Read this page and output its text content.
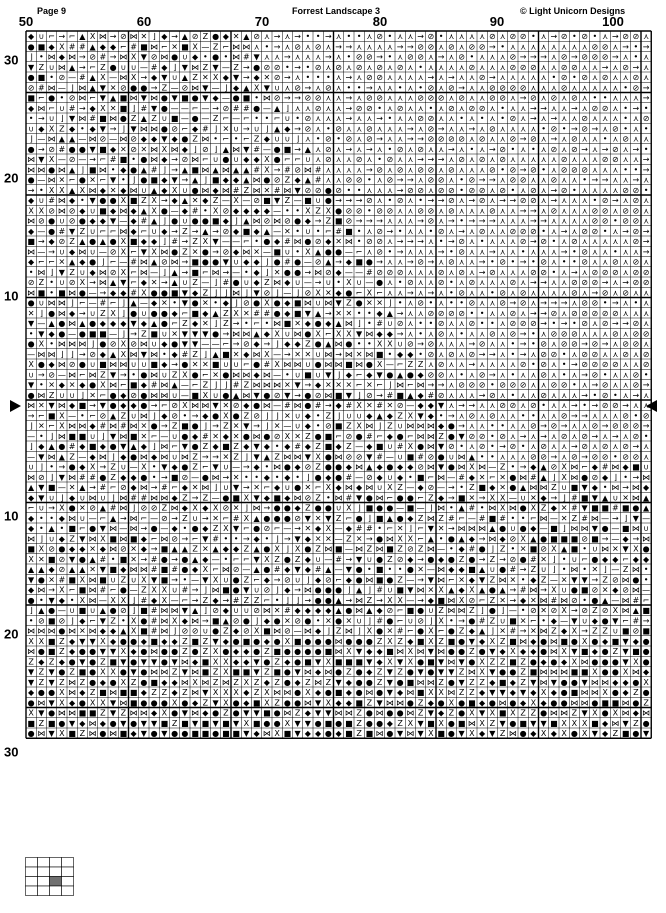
Page 9	Forrest Landscape 3	© Light Unicorn Designs
50	60	70	80	90	100
30
20
10
10
20
30
◆ ∪ ⌐ → ⌐ ▲ X ⋈ → ⊘ ⋈ ✕ ⌋ ◆ → ▲ ⊘ Z ● ◆ ✕ ▲ ⊘ ⋏ → ⋏ → • • → ⋏ • • ⋏ ⊘ • ⋏ ⋏ → ⊘ • ⋏ ⋏ ⋏ ⋏ ⊘ ⋏ ⊘ ⊘ • ⋏ → ⊘ • ⊘ • ⋏ → ⊘ ⊘ ⋏
● ■ ◆ X # # ▲ ◆ ◆ ⌐ # ■ ⋈ ⌐ ✕ ■ X — Z ⌐ ⋈ ⋈ ⋏ • → ⋏ ⊘ ⋏ ⊘ ⋏ → → ⋏ ⋏ ⋏ ⋏ → → ⊘ ⊘ ⋏ ⊘ ⋏ ⊘ ⊘ → • ⋏ ⋏ ⋏ ⋏ ⋏ ⋏ ⋏ ⋏ ⊘ ⊘ ⋏ → • →
⌋ • ⋈ ◆ ⋈ → ⊘ # → ⋈ X ▼ ⊘ ⋈ ● ∪ ◆ • ● • ⋈ # ▼ ⋏ ⋏ → ⋏ ⋏ ⋏ → ⋏ • ⊘ ⊘ → • ⋏ ⊘ ⊘ ⋏ → ⋏ ⊘ • ⋏ ⋏ ⋏ ⊘ → → → ⋏ ⊘ → ⊘ ⊘ ⊘ → ⋏ • ⋏
▼ Z ∪ ⋈ ▲ → ⌐ Z ● ∪ ∪ — # ◆ ⌋ ▼ ⋈ Z ▼ — Z → ● ⊘ ⊘ • → • ⊘ ⋏ ⊘ ⋏ ⊘ ⋏ ⊘ ⋏ ⊘ ⋏ • ⋏ ⋏ ⋏ ⋏ ⊘ ⋏ ⋏ ⋏ ⊘ ⊘ ⊘ ⋏ ⋏ ⊘ ⊘ ⋏ ⋏ → ⋏ ⊘ → ⋏
● ■ • ⊘ — # ▲ X — ⋈ X → ◆ ▼ ∪ ▲ Z ✕ X ◆ ▼ → ◆ ✕ ⊘ → ⋏ • • • ⋏ → ⋏ ⊘ ⊘ ⋏ ⋏ ⋏ ⋏ → ⋏ → ⋏ ⋏ ⊘ → ⋏ ⋏ ⋏ ⋏ ⋏ • ⊘ • ⊘ ⋏ ⊘ ⋏ ⋏ ⊘ ⋏
⊘ # ⋈ — ⌋ ⋈ ▲ ▼ ✕ ⊘ ● ● → Z — ⊘ ⋈ ▼ — ⌋ ◆ ▲ X ▼ ∪ ⋏ ⊘ → ⋏ ⊘ ⋏ • • → ⋏ ⋏ • ⋏ • ⊘ ⋏ ⊘ → ⋏ ⋏ ⊘ ⊘ ⊘ ⊘ ⋏ ⋏ ⋏ ⊘ ⋏ ⋏ ⋏ ⋏ ⋏ • ⊘ →
■ ⌐ ● • ⊘ ⋈ ⌐ ▼ ▲ ■ ⋈ ▼ ⋈ ● ▼ ■ ● ▼ ◆ — ● ■ • ⋈ ⊘ → → ⊘ ⊘ ⋏ ⋏ → ⋏ ⊘ ⊘ ⋏ ⋏ ⋏ ⊘ ⊘ ⊘ ⋏ ⊘ ⋏ ⋏ ⊘ ⊘ ⋏ → ⊘ ⋏ ⊘ ⋏ ⊘ ⋏ • • ⋏ ⋏ ⋏ →
◆ ⋈ ⌐ ∪ # → ◆ X ✕ ■ ⌋ # ▼ ● — — ⌐ — → ⊘ # # ● — ▲ ⌋ ⋏ ⋏ ⊘ ⋏ ⋏ → ⊘ ⊘ • ⋏ ⊘ ⋏ ⋏ • ⋏ ⊘ ⋏ ⊘ ⊘ ⋏ • ⋏ ⋏ → → ⋏ ⋏ → ⋏ ⊘ ⊘ ⋏ • → •
• → ∪ ⌋ ▼ ⋈ # ■ ⋈ ● Z ▲ Z ∪ ■ — ● — Z ⌐ — ⌐ • • ⌐ ∪ • ⊘ ⋏ ⋏ ⋏ → ⋏ ⋏ → • ⋏ ⋏ ⊘ ⊘ ⋏ ⋏ • ⋏ • ⋏ • ⊘ ⋏ → ⋏ → ⋏ ⋏ ⊘ ⋏ ⋏ ⋏ • ⋏ ⊘
∪ ◆ X Z ◆ • ◆ ▼ → ⌋ ▼ ⋈ ⋈ ● ⊘ ⌐ ◆ # ⌋ ✕ ∪ → ∪ ⌋ ▲ ◆ → ⊘ ⋏ • ⊘ ⋏ ⋏ ⊘ ⋏ ⋏ ⋏ → ⋏ ⊘ → ⋏ ⋏ → ⋏ ⊘ ⋏ ⋏ ⋏ ⋏ • ⊘ • → ⊘ → ⋏ ⊘ • ⋏ •
⌋ — ⋈ ▲ ▲ — ⋈ ⊘ — ⋈ ⊘ ◆ ◆ ▼ ◆ ● Z ⋈ • ⌐ • ⌐ Z ◆ ∪ ∪ ⌋ ⋏ • ⊘ • ⊘ ⋏ ⊘ → ⋏ ⋏ → → ⊘ ⊘ ⊘ ⊘ ⋏ ⊘ ⋏ ⋏ ⊘ → ⊘ ⋏ → ⋏ ⊘ ⋏ ⋏ • ⋏ ⊘ ⋏ ⋏
● → ⊘ # ● ● ▼ ■ ◆ ✕ ⊘ ✕ ⋈ X ⋈ ◆ ⌋ ⊘ ⌋ ▲ ⋈ ▼ # — ● ■ → ▲ ⋏ ⊘ ⋏ → ⋏ → ⋏ • ⊘ ⋏ ⊘ ⋏ ⋏ → ⋏ • ⋏ → ⊘ • ⋏ • ⋏ ⊘ ⋏ ⊘ → ⋏ → ⊘ ⋏ → •
⋈ ▼ X — ⊘ — → ⌐ # ■ • ● ⋈ ◆ → ⊘ ⋈ ⌐ ∪ ● ∪ ◆ ◆ X ● ⌐ ⌐ ∪ ⋏ ⊘ ⋏ ⋏ ⊘ ⋏ • ⊘ ⋏ ⋏ → → → ⋏ ⊘ ⋏ ⊘ ⋏ ⊘ ⋏ ⋏ ⋏ ⋏ ⋏ ⊘ ⋏ ⋏ ⋏ ⊘ ⊘ ⋏ ⋏ →
⋈ ⋈ ● ⋈ ▲ ⌋ ■ ⋈ • ◆ ● ▲ # ⌋ → ▲ ■ ⋈ ▲ ⋈ ▲ ▲ # X → # ⊘ ⋈ # ⋏ ⋏ ⋏ ⋏ → ⊘ ⋏ ⊘ ⋏ ⊘ ⊘ ⋏ ⊘ ⋏ ⋏ ⋏ ⊘ • ⊘ → ⊘ • ⋏ ⊘ ⊘ ⊘ ⋏ ⋏ ⋏ • • →
● — ⋈ ✕ ⌐ ● ✕ ⌐ ▼ • ⌋ ● ■ ◆ ▼ → ▲ ⌋ ■ ◆ ◆ ▲ ⋈ ● ⊘ Z ◆ ▲ # ⋏ ⋏ ⊘ ⊘ • ⋏ ⊘ → → ⋏ ⊘ ⊘ ⋏ • ⊘ → → ⋏ ⊘ ⊘ ⋏ ⋏ ⊘ ⋏ ⋏ • → → ⋏ ⋏ → ⋏
→ • X X ▲ X ⋈ ◆ ✕ ◆ ⋈ ∪ ▲ ◆ X ∪ ● ⋈ ◆ ⋈ # Z ⋈ ✕ # ⋈ ▼ ⊘ ⊘ ● ⊘ • • ⋏ ⋏ ⋏ → ⊘ ⊘ ⋏ ⊘ ⊘ • ⊘ ⊘ ⋏ ⊘ • ⋏ ⊘ ⋏ → ⊘ • ⋏ ⋏ ⋏ ⋏ ⊘ ⊘ •
◆ ∪ # ⋈ ◆ • ▼ ● ● X ■ Z X → ◆ ▲ ✕ ◆ Z — X — ⊘ ■ ▼ Z — ■ ∪ ● → → → ⊘ ⋏ • ⊘ ⋏ • → → ⊘ ⋏ → ⊘ ⋏ → → ⊘ ⊘ ⋏ → ⋏ ⋏ ⋏ • ⊘ → ⋏ ⊘ ⋏
X X ⊘ ⋈ ⊘ ◆ ∪ ■ ◆ ⋈ ◆ ▲ X ● — ◆ # • X ⊘ ◆ ◆ ◆ ◆ — • • X Z X ● ⊘ ⊘ • ⊘ ⊘ ⋏ ⋏ ⊘ ⊘ ⋏ ⊘ ⋏ ⋏ ⋏ ⊘ ⋏ ⋏ → → ⋏ ⊘ ⋏ ⋏ ⋏ ⊘ ⊘ ⋏ ⊘ ⊘ ⋏
⋈ ⊘ ● ∪ ⊘ ● ◆ ◆ ▼ — ◆ # ▲ ⌋ ● ∪ ● ● ■ ◆ ⌋ ▲ ⋈ ⊘ ⋈ ⊘ ● ◆ → Z ■ ⊘ → → → ⋏ ⋏ ⋏ → ⊘ ⋏ → • → → → ⋏ ⋏ ⋏ → → ⋏ ⋏ ⋏ ⋏ ⊘ ⊘ • ⊘ ⊘ ⋏
◆ — ● # ▼ Z ∪ ⌐ ⌐ ⋈ ◆ ⌐ ∪ ◆ → Z → ▲ → ⊘ ◆ ■ ◆ ▲ — ✕ • ∪ • ⌐ # ■ • ⋏ ⊘ → • ⋏ ⋏ • ⊘ ⋏ → ⋏ ⊘ ⋏ ⋏ ⊘ ⊘ ⊘ • ⋏ → ⋏ ⊘ ⊘ • ⋏ → ⊘ →
■ → ◆ ⊘ Z ▲ ● ▲ ● X ■ ◆ ◆ ⌋ # → Z X ▼ — — ⌐ • ● ◆ # ⋈ ● ⊘ ◆ ✕ ⋈ • ⊘ ⊘ ⋏ → → → ⋏ • → ⊘ ⋏ • ⋏ ⋏ ⋏ ⊘ → ⊘ • ⋏ ⊘ ⋏ ⋏ ⋏ ⋏ ⋏ ⊘ →
⋈ — → ∪ ◆ ⋈ ∪ — ⊘ X ⌐ ▼ X ⋈ ● Z ✕ ● → ⊘ ◆ ⋈ ✕ — ■ ∪ • X ▲ ● ● — ⌐ ⋏ ⊘ • → ⋏ ⋏ ⋏ → • ⊘ ⋏ ⋏ → ⋏ ⋏ • ⋏ ⋏ ⋏ → • ⊘ ⋏ ⋏ • ⋏ ⋏ →
◆ ⌐ ⌐ ✕ ▲ ◆ ● ⌋ ⌐ — # ⋈ ▲ ⊘ ⋈ → ■ ● ● ▼ ∪ ◆ ◆ ⌋ ● # ● — ⊘ ▲ → ◆ ■ ● → ⋏ ⋏ → ⊘ → ⋏ ⊘ ⋏ ⋏ → • ⊘ • → • ⊘ ⋏ • • ⊘ ⋏ ⋏ ⊘ ⋏ ⊘ ⋏
• ⋈ ⌋ ▼ Z ∪ ◆ ⋈ ⊘ X ⌐ ⋈ — ⌋ ▲ → ■ ⌐ ⋈ → — • ◆ ⌋ ✕ ● ● → ⋈ ⊘ ◆ — — # ⊘ ⊘ ⊘ ⋏ ⋏ ⋏ ⊘ ⋏ ⊘ ⋏ → ⊘ ⋏ ⋏ ⋏ ⊘ ⊘ • ⋏ → ⋏ ⊘ ⊘ ⊘ ⋏ ⊘ ⊘
⊘ Z • ∪ ⊘ X → ⋈ ▲ ▼ ⌐ ◆ ✕ → ▲ ∪ Z — ⌋ # ● ∪ ◆ Z ⋈ ◆ ∪ — → ∪ • X ∪ — ● ⋏ • ⊘ ⋏ ⋏ ⊘ • ⋏ ⊘ ⋏ ⋏ ⋏ ⊘ ⋏ → → ⋏ ⋏ ⊘ ⊘ ⊘ → ⋏ → ⊘ ⊘
⋈ ■ • ■ ⋈ ● — → ◆ ◆ # X ● ● ■ ▼ ◆ Z ⌋ ⌋ ⋈ ⌋ ▼ ⊘ ⌋ — ⌋ ⊘ X ✕ ◆ ● ⌐ X ⌐ ⋏ ⋏ → ⋏ → ⋏ • ⊘ ⋏ ⋏ • ⊘ ⋏ ⊘ ⋏ ⋏ ⋏ ⋏ ⊘ ⋏ → ⊘ ⋏ ⊘ ⋏ ⋏
● ∪ ⋈ ⋈ ⌋ ⌐ — # ⌐ ⌋ ▲ — ◆ ✕ • ▼ ● ✕ • ◆ ⌋ ⊘ ● X ● ◆ ■ ⋈ ∪ ⋈ ▼ Z ● ✕ ✕ ⌋ • ⋏ ⊘ • ⋏ • • ⊘ ⋏ ⋏ ⊘ → ⊘ ⋏ → → → ⋏ ⊘ ⊘ • → ⋏ • ⋏
✕ ⌋ ● ⋈ ◆ → ∪ Z X ⌋ ● ∪ ● ● ◆ ⌐ ■ ◆ ▲ Z X ✕ # # ● ◆ ■ ▼ ▲ → ✕ ✕ • • ◆ ▲ → ⋏ ⋏ ⊘ ⊘ ⊘ ⊘ • • ⋏ ⋏ ⊘ ⋏ → → ⊘ ⋏ ⊘ ⊘ ⊘ ⊘ ⊘ ⋏ ⋏ ⋏
▼ — ▲ ● ⋈ ▲ ● ◆ ◆ ◆ ▼ ◆ ▲ ● ⌐ Z ◆ ✕ ⌋ Z → • ⌐ • ⋈ ■ ✕ ◆ ● ◆ ▲ ⋈ ⌋ • # ∪ ⊘ ⋏ • • ⊘ ⋏ ⋏ ⊘ • • ⋏ ⊘ ⊘ ⊘ → • → • ⊘ ⋏ ⊘ → → ⊘ ⋏
• ▼ ◆ ● — ● ■ ■ — ⌋ → Z ■ ∪ ✕ ▼ ▼ ▼ ● → ⋈ ⋈ ▲ ◆ X ∪ ⋈ ● X ⌐ X X ▼ ⋈ ◆ ◆ → ⋏ • ⋏ ⊘ ⋏ • ⋏ ⋏ ⊘ ⋏ ⊘ → • ⋏ ⊘ ⊘ ⊘ ⋏ ⋏ ⋏ ⊘ ⋏ ⊘ ⊘
● X • ⋈ ⋈ ⋈ ⌋ ● ⊘ X ⊘ ⋈ ∪ ◆ ● ▼ ▼ — — ⌐ → ⊘ ◆ → ⌋ ◆ ◆ Z ● ▲ ⋈ ● • • X X ∪ ⊘ → ⊘ ⋏ ⋏ ⋏ → ⊘ ⋏ ⋏ • → • ⊘ ⋏ ⊘ ⊘ → ⊘ → ⋏ ⊘ ⊘ ⋏
— ⋈ ⋈ ⌋ ⌋ → ⊘ ◆ ▲ X ⋈ ▼ ⋈ • ◆ # Z ⌋ ▲ ■ ✕ ◆ ⋈ X — → ✕ ✕ ∪ ⋈ → ⋈ ✕ ⋈ ■ • ◆ ◆ • ⊘ ⋏ ⊘ ⋏ ⊘ → → ⋏ • → ⋏ ⊘ ⊘ • ⋏ ⊘ ⊘ ⋏ ⋏ ⊘ ⋏ ⊘
X ● ◆ ⋈ ⊘ ● ∪ ■ ⋈ ⋈ ∪ ∪ ■ ◆ → ● ✕ ✕ ■ ∪ ∪ ⌐ ● # X ⋈ ⋈ ∪ ● ⋈ ⋈ ■ ⋈ ● X — ⌐ Z Z ⋏ ⊘ ⋏ ⋏ → ⋏ ⋏ ⋏ ⋏ ⊘ • ⊘ ⋏ • → ⊘ ⊘ ⊘ ⊘ ⋏ ⋏ ⊘
∪ → ⊘ — ⋈ ⌐ ⋈ Z ▼ → • ● ⋈ ∪ Z X ● ⌐ ✕ ● ⋈ ⋈ ◆ ⋈ — • ∪ ■ ∪ ▼ ⌋ ◆ ⌐ ◆ ▼ ● ▲ ● ◆ ⊘ ⊘ ⋏ • ⋏ ⊘ → ⋏ • ⋏ ⋏ ⊘ ⋏ • ⋏ → ⊘ • ⋏ ⋏ ⊘ •
▼ • ✕ ◆ ✕ ◆ ● X ⋈ ⌐ ■ ◆ # ⋈ ▲ — ⌐ Z ⌋ ⌋ # Z ⋈ ⋈ ⋈ ✕ ▼ → ◆ ✕ ✕ ✕ ⌐ ✕ ⌐ ⌋ ⋈ ⌐ ⋈ → → ⋏ ⊘ ⊘ ⊘ • ⊘ ⊘ ⊘ ⋏ ⋏ ⊘ ⊘ • ⋏ → ⊘ ⋏ ⋏ ⊘ →
● ⋈ Z ∪ ∪ ⌋ ✕ ⌐ ● ◆ ⊘ ● ⋈ ⋈ ∪ — ■ X ∪ ● ▲ ⋈ ▼ ● ⊘ ▼ → ● ⊘ ⋈ ■ ▼ ⌋ ⊘ → # ■ ▲ ◆ # ⊘ ⋏ ⋏ ⋏ → ⊘ ⋏ • ⋏ ⋏ ⊘ ⋏ ⋏ ⋏ → • ⊘ • ⋏ → ⋏
⋈ ✕ ▼ ⋈ ◆ ■ → ▼ ● ◆ ◆ ● → ⌐ ⊘ X ⋈ ⋈ ▼ ✕ ⊘ ◆ ● ⋈ — # ⋈ ● # → ◆ # X ✕ # ✕ ⊘ — ◆ ◆ ▼ ⋏ → → ⋏ ⋏ ⊘ ⊘ ⋏ ⊘ • ⋏ ⋏ → • → ⊘ ⊘ → ⋏ ⋏
→ ⌐ ■ X — • ⌐ ⊘ ▲ Z ∪ ⋈ ⌋ ◆ ⊘ • → ◆ ● X ● Z ⊘ ⌋ ⌋ ✕ ∪ ◆ • Z ⌋ ∪ ∪ ◆ ▲ ◆ Z X ▼ ◆ • → ⋏ ⊘ ⋏ ⊘ ⋏ ⋏ • • ⋏ ⋏ ⊘ → → ⋏ ⋏ ⋏ ⊘ • ⊘
⌋ ✕ ⌐ X ⋈ ⋈ ◆ # ⋈ # ⋈ ✕ ● → Z ■ ● ⌋ → Z ✕ ▼ → ⌋ ✕ — ∪ ◆ • ⊘ ■ Z X ⋈ ⌋ Z ∪ ⋈ ⋈ ⋈ ◆ ● → ⋏ ⋏ • • ⋏ ⋏ ⊘ → ⊘ → ⋏ ⋏ ⊘ → ⊘ ⊘ ⊘ →
— • ⌋ ⋈ ■ ■ ∪ ⌋ ▼ ⋈ ■ ✕ ⌐ — ∪ ● ◆ # ✕ ◆ ✕ ● ⋈ ● ⊘ X ✕ Z ● ■ ⌐ ⊘ ● # ⌐ ◆ ● ⌐ ⋈ ⋈ Z ● ▼ ⊘ ⊘ • ⊘ ⋏ → ⋏ → ⋏ ⊘ ⋏ ⊘ → ⋏ → ⋏ ⊘ •
⌋ ◆ ▲ ● # ◆ ■ ◆ ● ▼ ▲ ◆ ⌋ ⋈ ⌐ ▼ ● Z ◆ ■ Z ◆ ▼ ◆ • ◆ # ◆ Z ■ ◆ Z — ◆ ■ ∪ # X ● ⋈ ▼ ⊘ • ⋏ ⊘ • → ⊘ • ⋏ ⊘ ⋏ ⋏ → ⊘ ⋏ ⊘ ⋏ ⊘ → ⋏
— ▼ ⋈ ▲ Z — ◆ ⋈ ⌋ ◆ ● ⋈ ◆ ⋈ ∪ ⋈ Z → → ✕ Z ⌋ ▼ ▲ Z ⋈ ⋈ ▼ X ● ⋈ ⊘ ⊘ ▼ # — ∪ ■ # ⊘ ● ∪ ⋈ ▲ • • ⋏ ⋏ ⋏ ⊘ ⊘ → ⋏ ⊘ → ⊘ ⊘ • ⊘ ⊘ ⋏
∪ ⌋ • → ● ◆ X → Z ∪ — X • ▼ ◆ ● Z ⌐ ▼ ∪ — → ◆ • ⋈ ● ◆ ⊘ Z ● ● ◆ ⋈ ▲ ◆ ● ◆ ◆ ⊘ ⋈ ▼ ● ⋈ X ⋈ — Z • → ◆ ▲ ⊘ X ⋈ ⌐ ◆ # ⋈ ◆ ■ ∪
⋈ ⊘ ⌋ ▼ ⋈ # # ● Z ◆ ◆ ● • → ■ ⊘ — ● ⋈ → ✕ • • ◆ • ◆ • ⌋ ● ◆ ● # — ⊘ ◆ ∪ ◆ • ■ ⌐ ⋈ — # ◆ ✕ ⌐ ✕ ● ⋈ # ▲ ⌋ X ⋈ ● ⊘ ◆ ⌋ • → ⋈
▲ ▼ ■ — ✕ ▲ → # ⌐ ⊘ ◆ ⋈ → # ⌐ ◆ ✕ ⋈ ⌋ ∪ ▼ → ✕ ⌐ ◆ ∪ ● ✕ ⌐ X ◆ ⋈ ◆ ⋈ ∪ X Z — ◆ ⊘ — → • Z ■ ◆ ✕ ● ▲ ⋈ ⋈ Z ∪ ■ ▼ ◆ • ⋈ → ⋈ ◆
◆ ▼ ∪ ⌋ ◆ ∪ ⋈ ∪ ⌋ ⋈ # # ⋈ ⋈ ◆ Z → Z — ● ■ X ▼ ◆ ■ ◆ ⋈ ⊘ Z • ⋈ # ▼ ● ⋈ ⌐ ● ● ⌐ Z ◆ → ■ ✕ → X X — ∪ ✕ ◆ → ⌋ # ■ ▼ ▲ ∪ ✕ ⋈ ▲
⌐ ∪ → X ● ✕ ⊘ ▲ # ⋈ ⌋ ⊘ ⊘ Z ⋈ ◆ X ◆ X ⊘ ✕ ⌋ ⋈ → ● ● ◆ Z ● ● ∪ X ⌋ ■ ● ● — ■ — ⌋ ⋈ • ▲ # • ⋈ X ⋈ ● X Z ◆ ✕ # ▼ ■ ■ # ■ ● ▲
◆ • • ◆ ⋈ ∪ — ⌐ ▲ → ⋈ ⌐ — ⊘ → Z ∪ → ✕ ⌐ # X ▲ ● ● ● ⊘ ▼ ✕ ▼ Z ⌐ ● ⌋ ■ ▲ ● ◆ Z ⋈ Z # ⌐ — # ■ # • • ⌐ ⋈ — ✕ Z # ⋈ — → ⌋ ▼ —
◆ • ▲ • ■ ⌐ ● ▼ ⋈ — ⋈ → ● — ◆ • ● ◆ Z X ▼ ⌐ ● ⊘ ⌐ — → ✕ ◆ X — ◆ # # • ⌐ ✕ ⌋ ⌐ ▼ ✕ → ⋈ ⋈ ⋈ ▲ ● ∪ ● ◆ — ■ ⌋ ⋈ ⋈ ▼ ● — ■ ⋈ ∪
⋈ ⌋ ∪ ◆ Z ▼ ⋈ X ■ ⋈ ■ ◆ ⌐ ⋈ ⊘ → ⌐ ▼ # • • → ◆ • ⌋ → ▼ ◆ ✕ ✕ — Z ✕ → ● ⋈ X X ⌐ ▲ • ● ▲ ◆ → ⋈ ◆ ⊘ X ▲ ● ■ ■ ■ ⊘ ■ → — ◆ → ⋈
■ X ⊘ ● ◆ ◆ ✕ ◆ ⋈ ⊘ ✕ ◆ → ■ ▲ ▲ Z ✕ ▲ ◆ ◆ Z ▲ ● X ⌋ X ● Z ⋈ ■ — ⋈ Z ⋈ ■ Z ⊘ Z ⋈ — • ◆ # ● ⌋ Z • ✕ ■ ⊘ X ▲ ■ • ∪ ⋈ ✕ ▼ X ●
X ✕ ■ ⊘ ▼ ● ▲ # • ■ ✕ → # ● → ● ▲ ◆ — • ⌐ ⌐ ▼ X Z ● Z ◆ ∪ — # → ▼ ∪ ● Z ⊘ ◆ → ● ◆ ● Z ● → Z → ⊘ ● # ✕ ⌋ • ∪ ⌐ ● ◆ ◆ ⌐ ◆ ◆
▲ ▲ ◆ ⊘ ▲ ▲ ✕ ▼ ■ ◆ ⋈ ⋈ # ■ # ● ◆ X ⌐ ⋈ ⊘ — ▲ ● # ◆ ▼ ◆ # ▲ — ▼ ● • ■ • • ● ✕ — ⋈ ◆ ◆ ■ ▲ ∪ ● # → Z ∪ ⌋ • ⋈ • ✕ ⌋ — Z ⋈ •
▼ ● ✕ # ■ X ⋈ ■ ∪ Z ∪ X ▼ ■ → • — ▼ X ∪ ● Z ⌐ ◆ → ⊘ ∪ ⌋ ◆ ⊘ ⌐ ◆ ● ⋈ ■ ● Z — → ▼ ⋈ ⌐ ✕ ◆ ▼ Z ⋈ ✕ • ◆ Z — ✕ ▼ ▼ → Z ⊘ ⋈ ● •
◆ ⋈ → X ⌐ ■ ⋈ # ⌐ ● — Z X X ∪ # → ⌋ ⋈ ■ ● ▼ ∪ ⊘ ⌋ ◆ → ⋈ ● ● ● ⌋ ▲ ⌋ # ∪ ■ ▼ ⋈ ✕ X ▲ ◆ X ▲ ● ▲ → # ⋈ → X ∪ ● ■ ⊘ ✕ ◆ ⊘ ⋈ —
● • ▼ ◆ • X ⋈ — X X ⌋ # ◆ X — ⌐ → Z ◆ → # Z Z ⌐ • ⌋ ⌋ → ● ● ▲ → ⋈ Z → X X — → ◆ ■ ⋈ X ⊘ ⌐ Z ✕ → ◆ ✕ ⋈ # ⋈ ⊘ • ● ▲ — ⋈ # ⌐
⌋ ▲ ● — ∪ ■ ∪ ▲ ● ⊘ ⌋ ■ # ⋈ ⋈ ▼ ▲ ⌋ ⊘ ◆ ∪ ∪ ⊘ ⋈ ✕ # ◆ ◆ ◆ ◆ ▲ ● ⋈ ▲ ◆ ⊘ ⌐ ■ ● ∪ Z ⋈ ⋈ Z ⌋ ● ⌋ — • ⊘ ✕ ⊘ X → ⊘ Z ⊘ X ⋈ ▲ ■
• ⊘ ■ ⊘ ⌋ ◆ ⌐ ▼ Z • X ● # ⋈ X ◆ ⋈ → ■ ▲ ⊘ ● ⌋ ◆ ● ✕ ⊘ ● • ✕ ● ✕ ∪ ⌋ # ● ⌐ ∪ ⊘ ⌋ X • → ● # Z ∪ ■ ✕ ⌐ • ◆ — ▼ ∪ ◆ ● ▼ ⌐ # →
⋈ ⋈ ⋈ ● ⋈ ✕ ⋈ ◆ ◆ ▲ X ■ # ⋈ ⌋ ⊘ ⊘ ∪ ● Z ◆ ⊘ X ■ ⋈ ⊘ — ⋈ ◆ ⌋ Z ⋈ ⌋ X ● ✕ # ⌐ ● X ⌐ ● Z ◆ ▲ ⌋ ✕ # → ✕ ⋈ Z ◆ X → Z Z ∪ ■ ⊘ ■
X X ■ Z ◆ ▼ ▼ X ◆ ● ● ◆ ■ ◆ ◆ Z ■ Z ▼ ◆ ● ■ ● ◆ ● X ■ ● ● ● ⋈ ● ● ● Z X Z ◆ ■ X Z ■ ● ▼ ◆ X Z ■ ⋈ ◆ ● ⋈ ■ ● X ● ◆ ■ ▼ ◆ ●
⋈ ● ■ Z ◆ ● ● ▼ ▼ X ◆ ● ⋈ ● ● Z ● Z X ● ◆ ◆ ● Z ■ ● ● ● ● ■ ⋈ X ▼ ◆ ◆ ■ ⋈ X ⋈ ▼ ⋈ ● ● Z ● ▼ ◆ X ◆ ◆ ● ⋈ X ▼ ■ ◆ ● Z ▼ ■ ●
Z ◆ Z ◆ ● ▼ ● Z ■ ▼ ● ▼ ▼ ● ▼ ⋈ ◆ ■ X X ◆ ◆ ▼ ● Z ◆ ● ■ ▼ X ■ ■ ■ ▼ ◆ X ▼ X ● ■ ▼ ⋈ ▼ ● X Z Z ■ Z ● ◆ ● ◆ X ⋈ ● ● ● ▼ X ●
▼ Z ▼ ● Z ■ ● X X ● ▼ ● ⋈ ⋈ Z ▼ ⋈ ■ Z X ■ ■ ▼ Z ■ ● ▼ ⋈ ◆ ⋈ ● Z ● ◆ Z ▼ Z ● ▼ ● ▼ ▼ Z ⋈ X ▼ ● ● Z ■ ⋈ ⋈ ⋈ ■ ■ X ● ● X ⋈ ◆
▼ Z ▼ Z ⋈ Z ● ◆ ● X Z ● ■ ◆ ◆ ⋈ X ⋈ Z ⋈ Z X Z ◆ Z ● ◆ Z ⋈ Z ▼ ◆ ● ● Z ▼ ● ■ ⋈ ⋈ Z ● ▼ Z Z ◆ ■ ◆ Z ▼ ⋈ ▼ ● ● ▼ ⋈ ⋈ ◆ ◆ ● X
◆ ● ● X ⋈ ◆ Z ■ ⋈ ■ ■ ◆ Z Z ◆ Z ⋈ ▼ X X X ◆ Z X ⋈ ⋈ ● X ◆ ● ■ ◆ ● ⋈ ● ▼ ◆ ⋈ ■ X X ⋈ Z Z ◆ ▼ ▼ ◆ ▼ ◆ X ◆ ● ■ ⋈ ⋈ X ● ◆ Z ●
● ⋈ ▼ X ◆ ● X X ▼ ⋈ ■ ● ● ● X ● ◆ Z ▼ X ● ◆ ■ X Z ● ● ⋈ ▼ X ◆ ◆ ■ Z ▼ ⋈ ⋈ ● Z ◆ ● X ● ■ ◆ ● ⋈ ● ◆ X ◆ ● ● ⋈ ⋈ ● ■ ■ ⋈ ● Z
X ▼ ● ⋈ ⋈ ■ ■ Z ▼ Z ⋈ ⋈ ◆ X ● ▼ ⋈ ◆ ● Z ● ▼ ▼ ■ ● ⋈ Z ◆ ▼ ▼ ⋈ ⋈ Z ● ⋈ ● ● ⋈ Z ▼ ◆ Z ● X ▼ X ■ X Z Z ● ⋈ ⋈ Z ▼ X ● X ⋈ ◆ ⋈
■ Z ■ ● ▼ ◆ ⋈ ◆ ● ▼ ● ▼ ▼ ■ Z ■ ▼ ■ ▼ ■ ▼ X ■ ● ● X ▼ ▼ ● ■ ● ■ Z ● ● ◆ Z X ▼ ■ X ● ■ ⋈ X Z ▼ ● ■ ▼ ▼ ■ X X X ■ ◆ ⋈ ▼ Z ●
● ⋈ ▼ X ■ Z ⋈ ● ⋈ ■ ◆ ▼ ● ▼ ● ● ■ ■ ● ■ ■ ▼ ◆ ⋈ X ■ ▼ ◆ ◆ ● ◆ ■ Z ■ ⋈ ● ▼ ⋈ ▼ X ■ ● ▼ X ◆ ▼ Z ⋈ ● ◆ X ◆ X ● X ▼ ◆ Z ■ ● ▼
